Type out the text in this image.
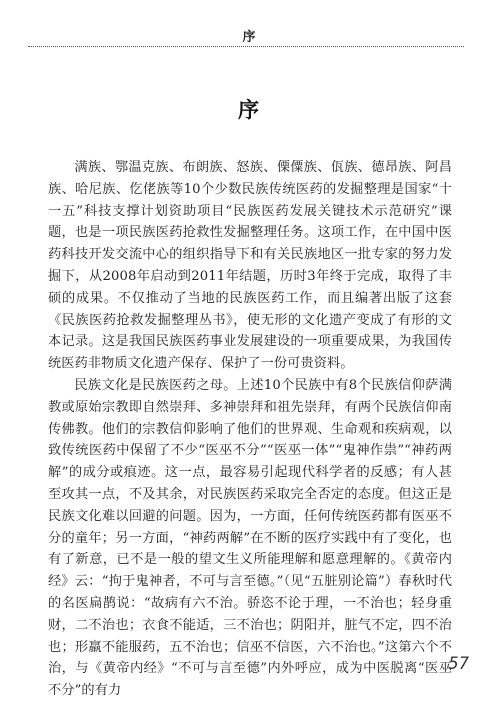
序
序

满族、鄂温克族、布朗族、怒族、傈僳族、佤族、德昂族、阿昌族、哈尼族、仡佬族等10个少数民族传统医药的发掘整理是国家“十一五”科技支撑计划资助项目“民族医药发展关键技术示范研究”课题，也是一项民族医药抢救性发掘整理任务。这项工作，在中国中医药科技开发交流中心的组织指导下和有关民族地区一批专家的努力发掘下，从2008年启动到2011年结题，历时3年终于完成，取得了丰硕的成果。不仅推动了当地的民族医药工作，而且编著出版了这套《民族医药抢救发掘整理丛书》，使无形的文化遗产变成了有形的文本记录。这是我国民族医药事业发展建设的一项重要成果，为我国传统医药非物质文化遗产保存、保护了一份可贵资料。

民族文化是民族医药之母。上述10个民族中有8个民族信仰萨满教或原始宗教即自然崇拜、多神崇拜和祖先崇拜，有两个民族信仰南传佛教。他们的宗教信仰影响了他们的世界观、生命观和疾病观，以致传统医药中保留了不少“医巫不分”“医巫一体”“鬼神作祟”“神药两解”的成分或痕迹。这一点，最容易引起现代科学者的反感；有人甚至攻其一点，不及其余，对民族医药采取完全否定的态度。但这正是民族文化难以回避的问题。因为，一方面，任何传统医药都有医巫不分的童年；另一方面，“神药两解”在不断的医疗实践中有了变化，也有了新意，已不是一般的望文生义所能理解和愿意理解的。《黄帝内经》云：“拘于鬼神者，不可与言至德。”（见“五脏别论篇”）春秋时代的名医扁鹊说：“故病有六不治。骄恣不论于理，一不治也；轻身重财，二不治也；衣食不能适，三不治也；阴阳并，脏气不定，四不治也；形羸不能服药，五不治也；信巫不信医，六不治也。”这第六个不治，与《黄帝内经》“不可与言至德”内外呼应，成为中医脱离“医巫不分”的有力

57
